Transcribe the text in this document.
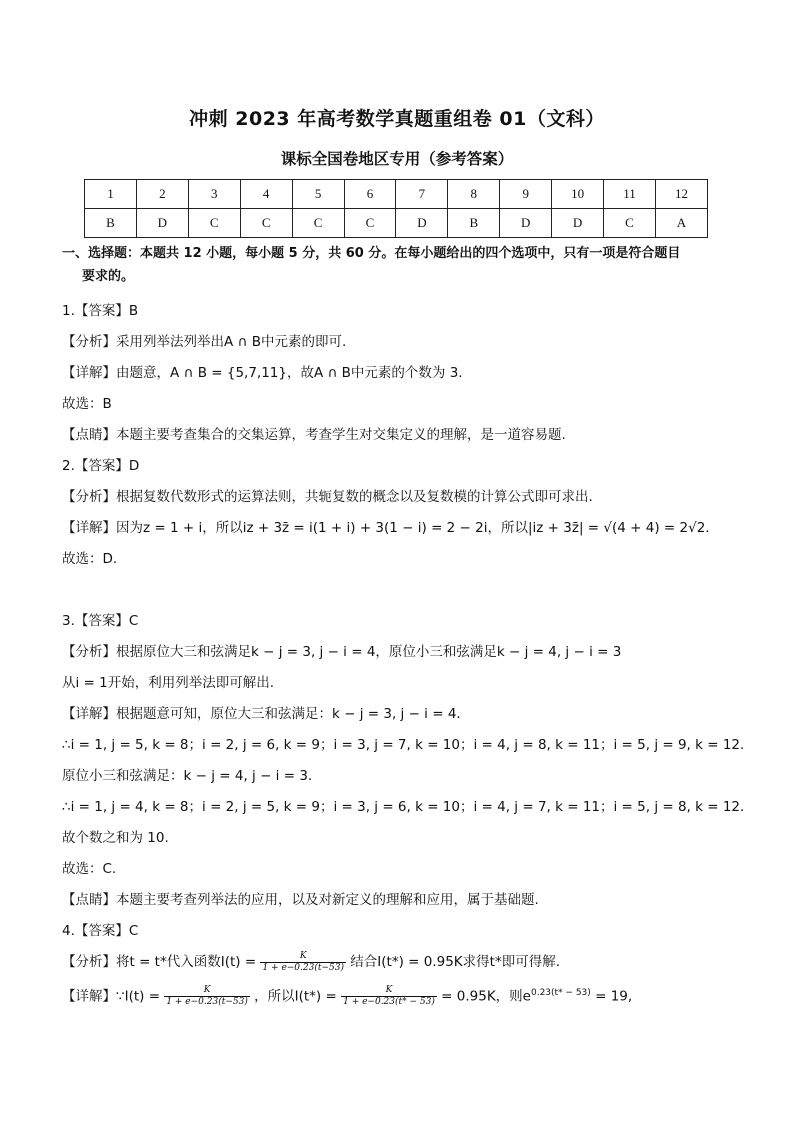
冲刺 2023 年高考数学真题重组卷 01（文科）
课标全国卷地区专用（参考答案）
1	2	3	4	5	6	7	8	9	10	11	12
B	D	C	C	C	C	D	B	D	D	C	A
一、选择题：本题共 12 小题，每小题 5 分，共 60 分。在每小题给出的四个选项中，只有一项是符合题目
要求的。
1.【答案】B
【分析】采用列举法列举出A ∩ B中元素的即可.
【详解】由题意，A ∩ B = {5,7,11}，故A ∩ B中元素的个数为 3.
故选：B
【点睛】本题主要考查集合的交集运算，考查学生对交集定义的理解，是一道容易题.
2.【答案】D
【分析】根据复数代数形式的运算法则，共轭复数的概念以及复数模的计算公式即可求出.
【详解】因为z = 1 + i，所以iz + 3z̄ = i(1 + i) + 3(1 − i) = 2 − 2i，所以|iz + 3z̄| = √(4 + 4) = 2√2.
故选：D.
3.【答案】C
【分析】根据原位大三和弦满足k − j = 3, j − i = 4，原位小三和弦满足k − j = 4, j − i = 3
从i = 1开始，利用列举法即可解出.
【详解】根据题意可知，原位大三和弦满足：k − j = 3, j − i = 4.
∴i = 1, j = 5, k = 8；i = 2, j = 6, k = 9；i = 3, j = 7, k = 10；i = 4, j = 8, k = 11；i = 5, j = 9, k = 12.
原位小三和弦满足：k − j = 4, j − i = 3.
∴i = 1, j = 4, k = 8；i = 2, j = 5, k = 9；i = 3, j = 6, k = 10；i = 4, j = 7, k = 11；i = 5, j = 8, k = 12.
故个数之和为 10.
故选：C.
【点睛】本题主要考查列举法的应用，以及对新定义的理解和应用，属于基础题.
4.【答案】C
【分析】将t = t*代入函数$I(t) = \frac{K}{1 + e-0.23(t-53)}$ 结合I(t*) = 0.95K求得t*即可得解.
【详解】∵I(t) = $\frac{K}{1 + e-0.23(t-53)}$ ，所以$I(t*) = \frac{K}{1 + e-0.23(t* - 53)} = 0.95K$，则$e^{0.23(t* - 53)} = 19$,
